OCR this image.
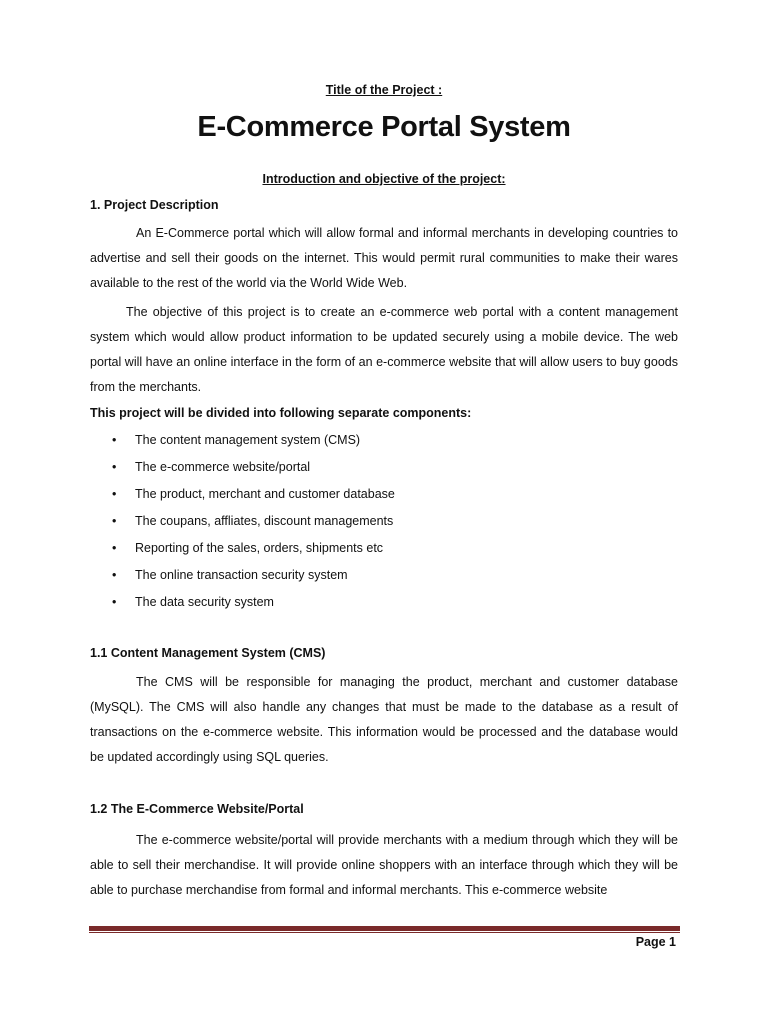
Title of the Project :
E-Commerce Portal System
Introduction and objective of the project:
1. Project Description

An E-Commerce portal which will allow formal and informal merchants in developing countries to advertise and sell their goods on the internet. This would permit rural communities to make their wares available to the rest of the world via the World Wide Web.

The objective of this project is to create an e-commerce web portal with a content management system which would allow product information to be updated securely using a mobile device. The web portal will have an online interface in the form of an e-commerce website that will allow users to buy goods from the merchants.

This project will be divided into following separate components:
• The content management system (CMS)
• The e-commerce website/portal
• The product, merchant and customer database
• The coupans, affliates, discount managements
• Reporting of the sales, orders, shipments etc
• The online transaction security system
• The data security system
1.1 Content Management System (CMS)

The CMS will be responsible for managing the product, merchant and customer database (MySQL). The CMS will also handle any changes that must be made to the database as a result of transactions on the e-commerce website. This information would be processed and the database would be updated accordingly using SQL queries.

1.2 The E-Commerce Website/Portal

The e-commerce website/portal will provide merchants with a medium through which they will be able to sell their merchandise. It will provide online shoppers with an interface through which they will be able to purchase merchandise from formal and informal merchants. This e-commerce website

Page 1
